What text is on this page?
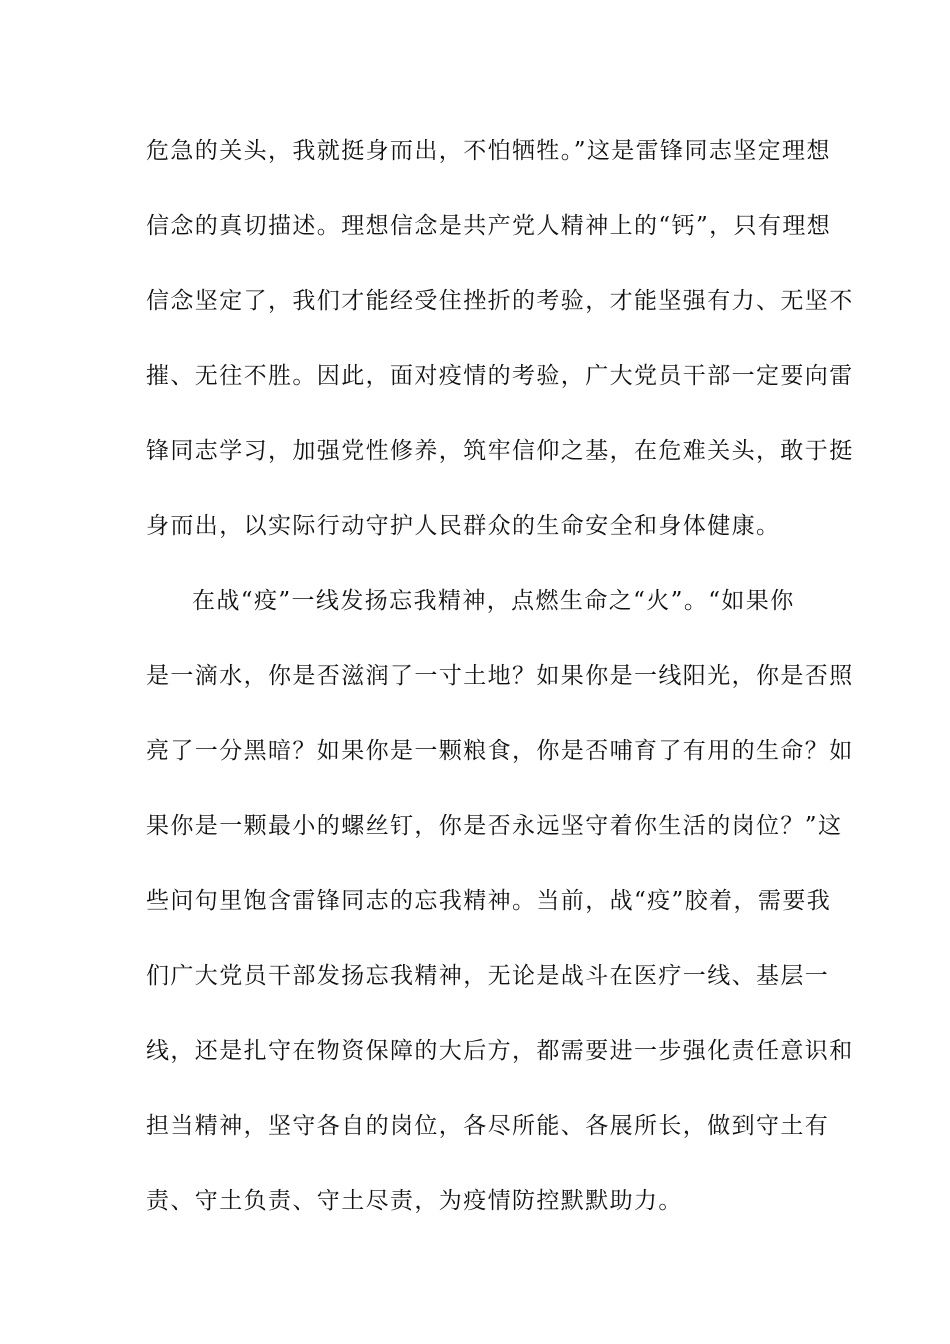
危急的关头，我就挺身而出，不怕牺牲。”这是雷锋同志坚定理想
信念的真切描述。理想信念是共产党人精神上的“钙”，只有理想
信念坚定了，我们才能经受住挫折的考验，才能坚强有力、无坚不
摧、无往不胜。因此，面对疫情的考验，广大党员干部一定要向雷
锋同志学习，加强党性修养，筑牢信仰之基，在危难关头，敢于挺
身而出，以实际行动守护人民群众的生命安全和身体健康。
在战“疫”一线发扬忘我精神，点燃生命之“火”。“如果你
是一滴水，你是否滋润了一寸土地？如果你是一线阳光，你是否照
亮了一分黑暗？如果你是一颗粮食，你是否哺育了有用的生命？如
果你是一颗最小的螺丝钉，你是否永远坚守着你生活的岗位？”这
些问句里饱含雷锋同志的忘我精神。当前，战“疫”胶着，需要我
们广大党员干部发扬忘我精神，无论是战斗在医疗一线、基层一
线，还是扎守在物资保障的大后方，都需要进一步强化责任意识和
担当精神，坚守各自的岗位，各尽所能、各展所长，做到守土有
责、守土负责、守土尽责，为疫情防控默默助力。
